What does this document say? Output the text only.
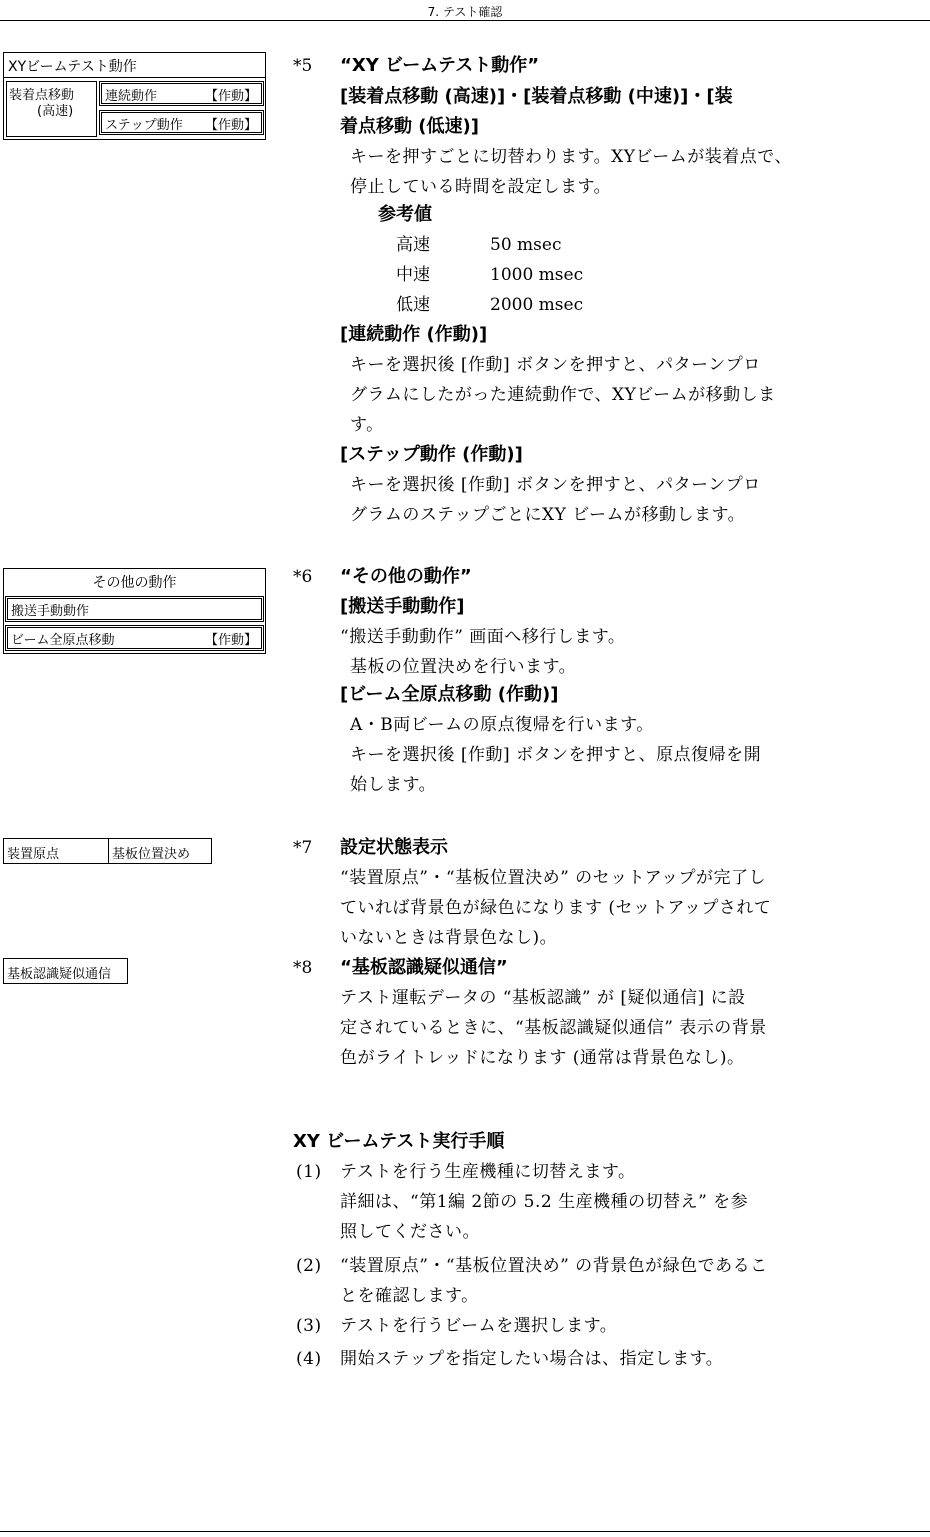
7. テスト確認
XYビームテスト動作
装着点移動
(高速)
連続動作	【作動】
ステップ動作 【作動】
その他の動作
搬送手動動作
ビーム全原点移動	【作動】
装置原点	基板位置決め
基板認識疑似通信
*5 “XY ビームテスト動作”
[装着点移動 (高速)]・[装着点移動 (中速)]・[装
着点移動 (低速)]
キーを押すごとに切替わります。XYビームが装着点で、
停止している時間を設定します。
参考値
高速	50 msec
中速	1000 msec
低速	2000 msec
[連続動作 (作動)]
キーを選択後 [作動] ボタンを押すと、パターンプロ
グラムにしたがった連続動作で、XYビームが移動しま
す。
[ステップ動作 (作動)]
キーを選択後 [作動] ボタンを押すと、パターンプロ
グラムのステップごとにXY ビームが移動します。
*6 “その他の動作”
[搬送手動動作]
“搬送手動動作” 画面へ移行します。
基板の位置決めを行います。
[ビーム全原点移動 (作動)]
A・B両ビームの原点復帰を行います。
キーを選択後 [作動] ボタンを押すと、原点復帰を開
始します。
*7 設定状態表示
“装置原点”・“基板位置決め” のセットアップが完了し
ていれば背景色が緑色になります (セットアップされて
いないときは背景色なし)。
*8 “基板認識疑似通信”
テスト運転データの “基板認識” が [疑似通信] に設
定されているときに、“基板認識疑似通信” 表示の背景
色がライトレッドになります (通常は背景色なし)。
XY ビームテスト実行手順
(1) テストを行う生産機種に切替えます。
詳細は、“第1編 2節の 5.2 生産機種の切替え” を参
照してください。
(2) “装置原点”・“基板位置決め” の背景色が緑色であるこ
とを確認します。
(3) テストを行うビームを選択します。
(4) 開始ステップを指定したい場合は、指定します。
